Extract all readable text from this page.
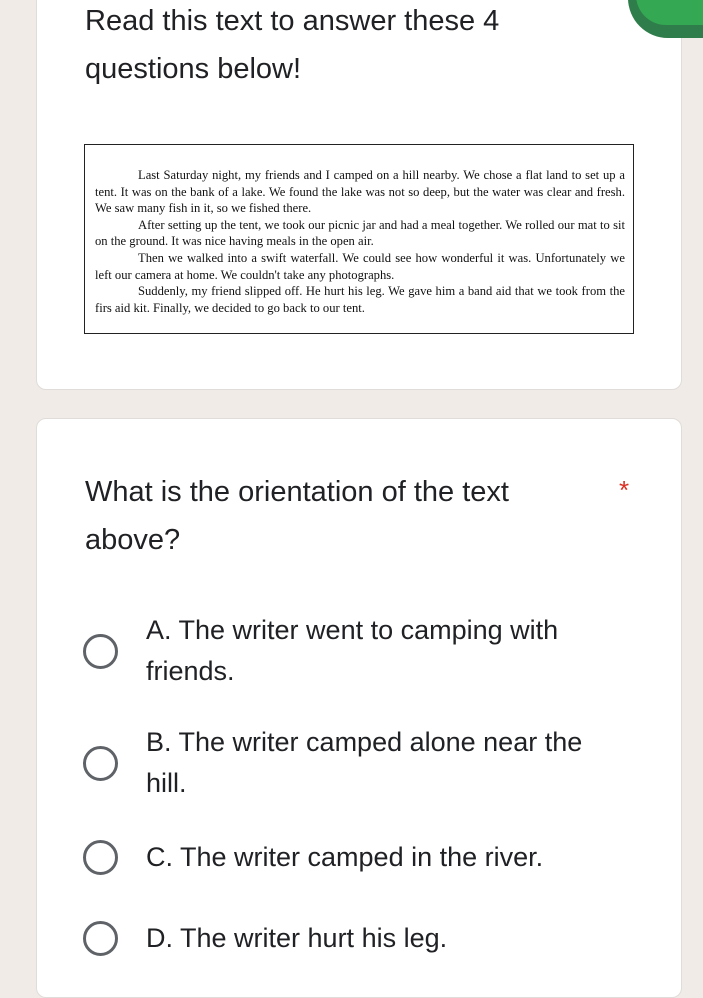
Read this text to answer these 4 questions below!

Last Saturday night, my friends and I camped on a hill nearby. We chose a flat land to set up a tent. It was on the bank of a lake. We found the lake was not so deep, but the water was clear and fresh. We saw many fish in it, so we fished there.

After setting up the tent, we took our picnic jar and had a meal together. We rolled our mat to sit on the ground. It was nice having meals in the open air.

Then we walked into a swift waterfall. We could see how wonderful it was. Unfortunately we left our camera at home. We couldn't take any photographs.

Suddenly, my friend slipped off. He hurt his leg. We gave him a band aid that we took from the firs aid kit. Finally, we decided to go back to our tent.

What is the orientation of the text above?
*
A. The writer went to camping with friends.
B. The writer camped alone near the hill.
C. The writer camped in the river.
D. The writer hurt his leg.
